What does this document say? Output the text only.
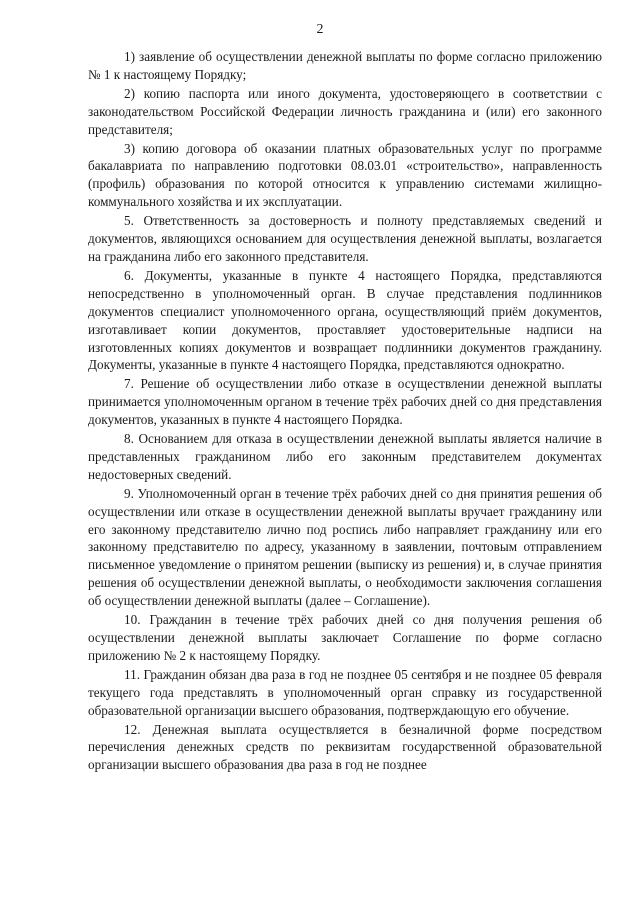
2

1) заявление об осуществлении денежной выплаты по форме согласно приложению № 1 к настоящему Порядку;

2) копию паспорта или иного документа, удостоверяющего в соответствии с законодательством Российской Федерации личность гражданина и (или) его законного представителя;

3) копию договора об оказании платных образовательных услуг по программе бакалавриата по направлению подготовки 08.03.01 «строительство», направленность (профиль) образования по которой относится к управлению системами жилищно-коммунального хозяйства и их эксплуатации.

5. Ответственность за достоверность и полноту представляемых сведений и документов, являющихся основанием для осуществления денежной выплаты, возлагается на гражданина либо его законного представителя.

6. Документы, указанные в пункте 4 настоящего Порядка, представляются непосредственно в уполномоченный орган. В случае представления подлинников документов специалист уполномоченного органа, осуществляющий приём документов, изготавливает копии документов, проставляет удостоверительные надписи на изготовленных копиях документов и возвращает подлинники документов гражданину. Документы, указанные в пункте 4 настоящего Порядка, представляются однократно.

7. Решение об осуществлении либо отказе в осуществлении денежной выплаты принимается уполномоченным органом в течение трёх рабочих дней со дня представления документов, указанных в пункте 4 настоящего Порядка.

8. Основанием для отказа в осуществлении денежной выплаты является наличие в представленных гражданином либо его законным представителем документах недостоверных сведений.

9. Уполномоченный орган в течение трёх рабочих дней со дня принятия решения об осуществлении или отказе в осуществлении денежной выплаты вручает гражданину или его законному представителю лично под роспись либо направляет гражданину или его законному представителю по адресу, указанному в заявлении, почтовым отправлением письменное уведомление о принятом решении (выписку из решения) и, в случае принятия решения об осуществлении денежной выплаты, о необходимости заключения соглашения об осуществлении денежной выплаты (далее – Соглашение).

10. Гражданин в течение трёх рабочих дней со дня получения решения об осуществлении денежной выплаты заключает Соглашение по форме согласно приложению № 2 к настоящему Порядку.

11. Гражданин обязан два раза в год не позднее 05 сентября и не позднее 05 февраля текущего года представлять в уполномоченный орган справку из государственной образовательной организации высшего образования, подтверждающую его обучение.

12. Денежная выплата осуществляется в безналичной форме посредством перечисления денежных средств по реквизитам государственной образовательной организации высшего образования два раза в год не позднее
